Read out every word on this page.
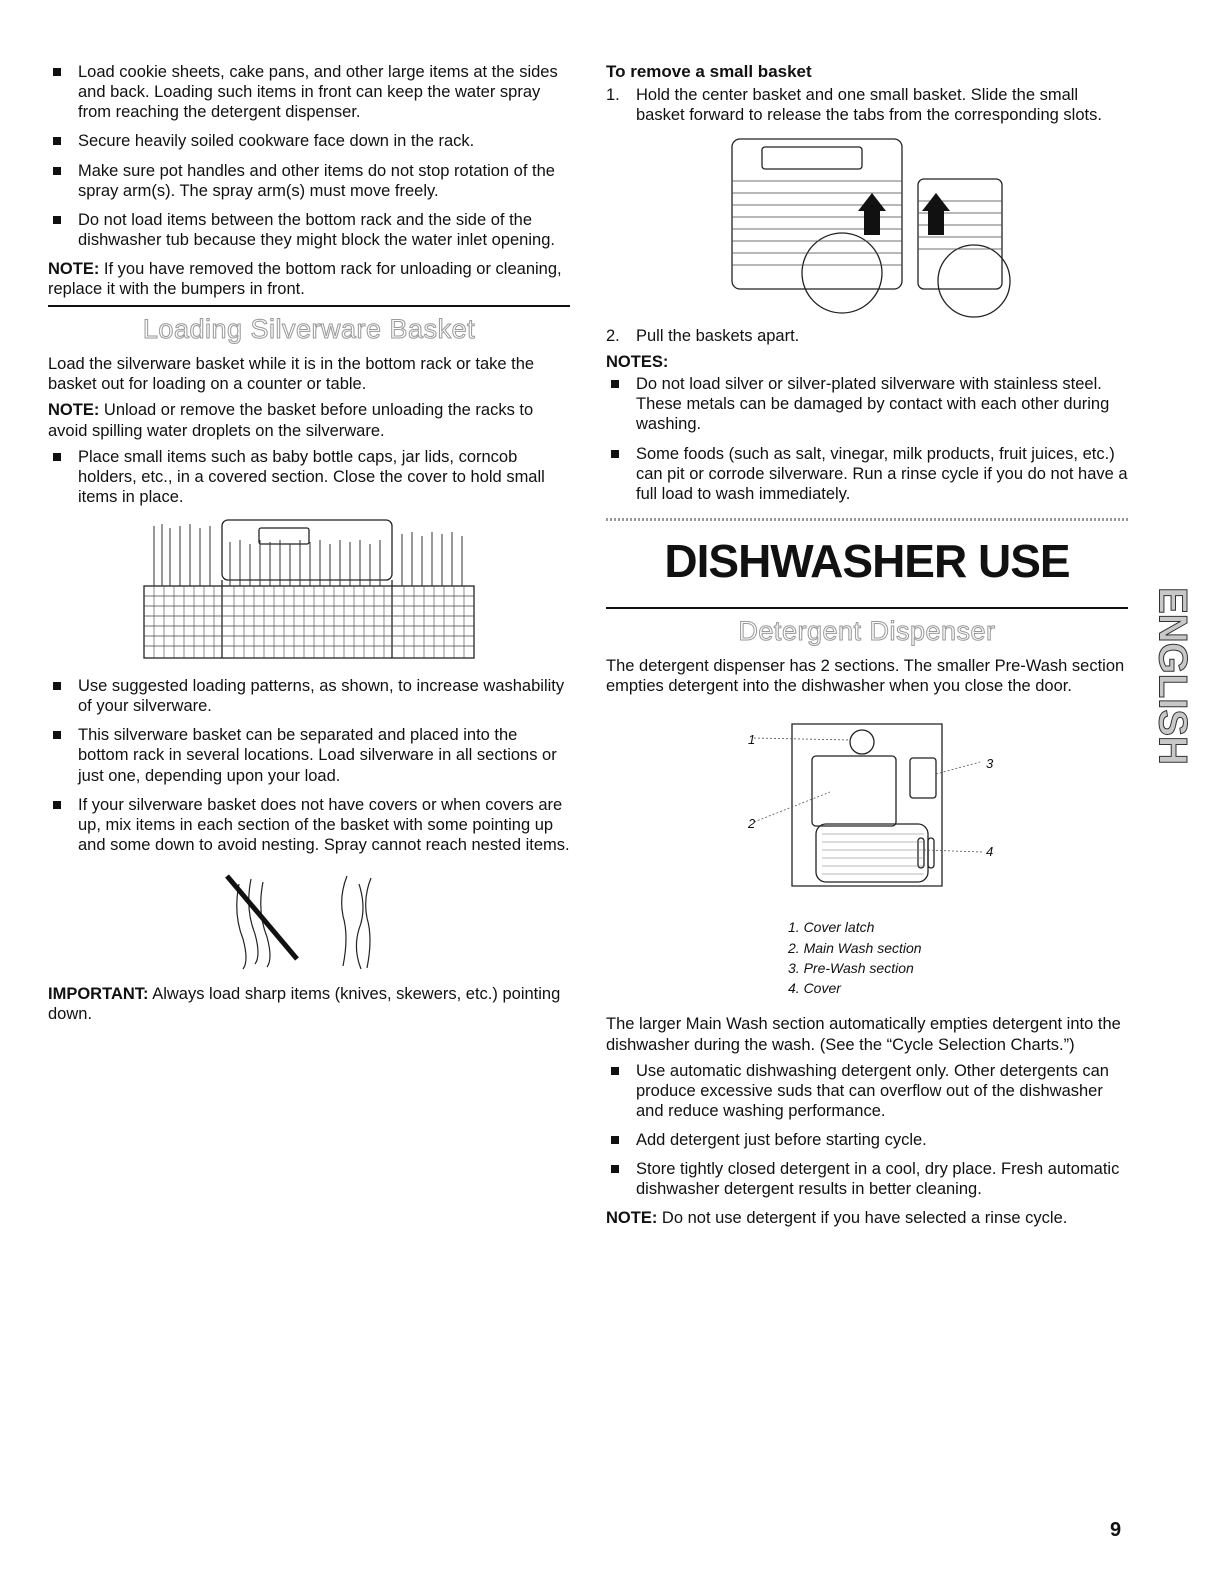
Load cookie sheets, cake pans, and other large items at the sides and back. Loading such items in front can keep the water spray from reaching the detergent dispenser.
Secure heavily soiled cookware face down in the rack.
Make sure pot handles and other items do not stop rotation of the spray arm(s). The spray arm(s) must move freely.
Do not load items between the bottom rack and the side of the dishwasher tub because they might block the water inlet opening.

NOTE: If you have removed the bottom rack for unloading or cleaning, replace it with the bumpers in front.

Loading Silverware Basket

Load the silverware basket while it is in the bottom rack or take the basket out for loading on a counter or table.

NOTE: Unload or remove the basket before unloading the racks to avoid spilling water droplets on the silverware.

Place small items such as baby bottle caps, jar lids, corncob holders, etc., in a covered section. Close the cover to hold small items in place.
Use suggested loading patterns, as shown, to increase washability of your silverware.
This silverware basket can be separated and placed into the bottom rack in several locations. Load silverware in all sections or just one, depending upon your load.
If your silverware basket does not have covers or when covers are up, mix items in each section of the basket with some pointing up and some down to avoid nesting. Spray cannot reach nested items.

IMPORTANT: Always load sharp items (knives, skewers, etc.) pointing down.

To remove a small basket
1. Hold the center basket and one small basket. Slide the small basket forward to release the tabs from the corresponding slots.
2. Pull the baskets apart.
NOTES:
Do not load silver or silver-plated silverware with stainless steel. These metals can be damaged by contact with each other during washing.
Some foods (such as salt, vinegar, milk products, fruit juices, etc.) can pit or corrode silverware. Run a rinse cycle if you do not have a full load to wash immediately.
DISHWASHER USE
Detergent Dispenser

The detergent dispenser has 2 sections. The smaller Pre-Wash section empties detergent into the dishwasher when you close the door.

1
2
3
4
1. Cover latch
2. Main Wash section
3. Pre-Wash section
4. Cover

The larger Main Wash section automatically empties detergent into the dishwasher during the wash. (See the “Cycle Selection Charts.”)

Use automatic dishwashing detergent only. Other detergents can produce excessive suds that can overflow out of the dishwasher and reduce washing performance.
Add detergent just before starting cycle.
Store tightly closed detergent in a cool, dry place. Fresh automatic dishwasher detergent results in better cleaning.

NOTE: Do not use detergent if you have selected a rinse cycle.

ENGLISH
9
